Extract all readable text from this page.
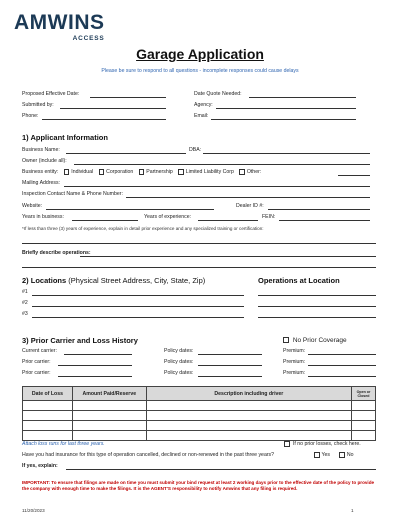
AMWINS
ACCESS
Garage Application
Please be sure to respond to all questions - incomplete responses could cause delays
Proposed Effective Date:	Date Quote Needed:
Submitted by:	Agency:
Phone:	Email:
1) Applicant Information
Business Name:	DBA:
Owner (include all):
Business entity: Individual Corporation Partnership Limited Liability Corp Other:
Mailing Address:
Inspection Contact Name & Phone Number:
Website:	Dealer ID #:
Years in business:	Years of experience:	FEIN:
*If less than three (3) years of experience, explain in detail prior experience and any specialized training or certification:
Briefly describe operations:
2) Locations (Physical Street Address, City, State, Zip)	Operations at Location
#1
#2
#3
3) Prior Carrier and Loss History	No Prior Coverage
Current carrier:	Policy dates:	Premium:
Prior carrier:	Policy dates:	Premium:
Prior carrier:	Policy dates:	Premium:
Date of Loss	Amount Paid/Reserve	Description including driver	Open or Closed

Attach loss runs for last three years.	If no prior losses, check here.
Have you had insurance for this type of operation cancelled, declined or non-renewed in the past three years?	Yes	No
If yes, explain:
IMPORTANT: To ensure that filings are made on time you must submit your bind request at least 2 working days prior to the effective date of the policy to provide the company with enough time to make the filings. It is the AGENT'S responsibility to notify Amwins that any filing is required.
11/20/2023	1
